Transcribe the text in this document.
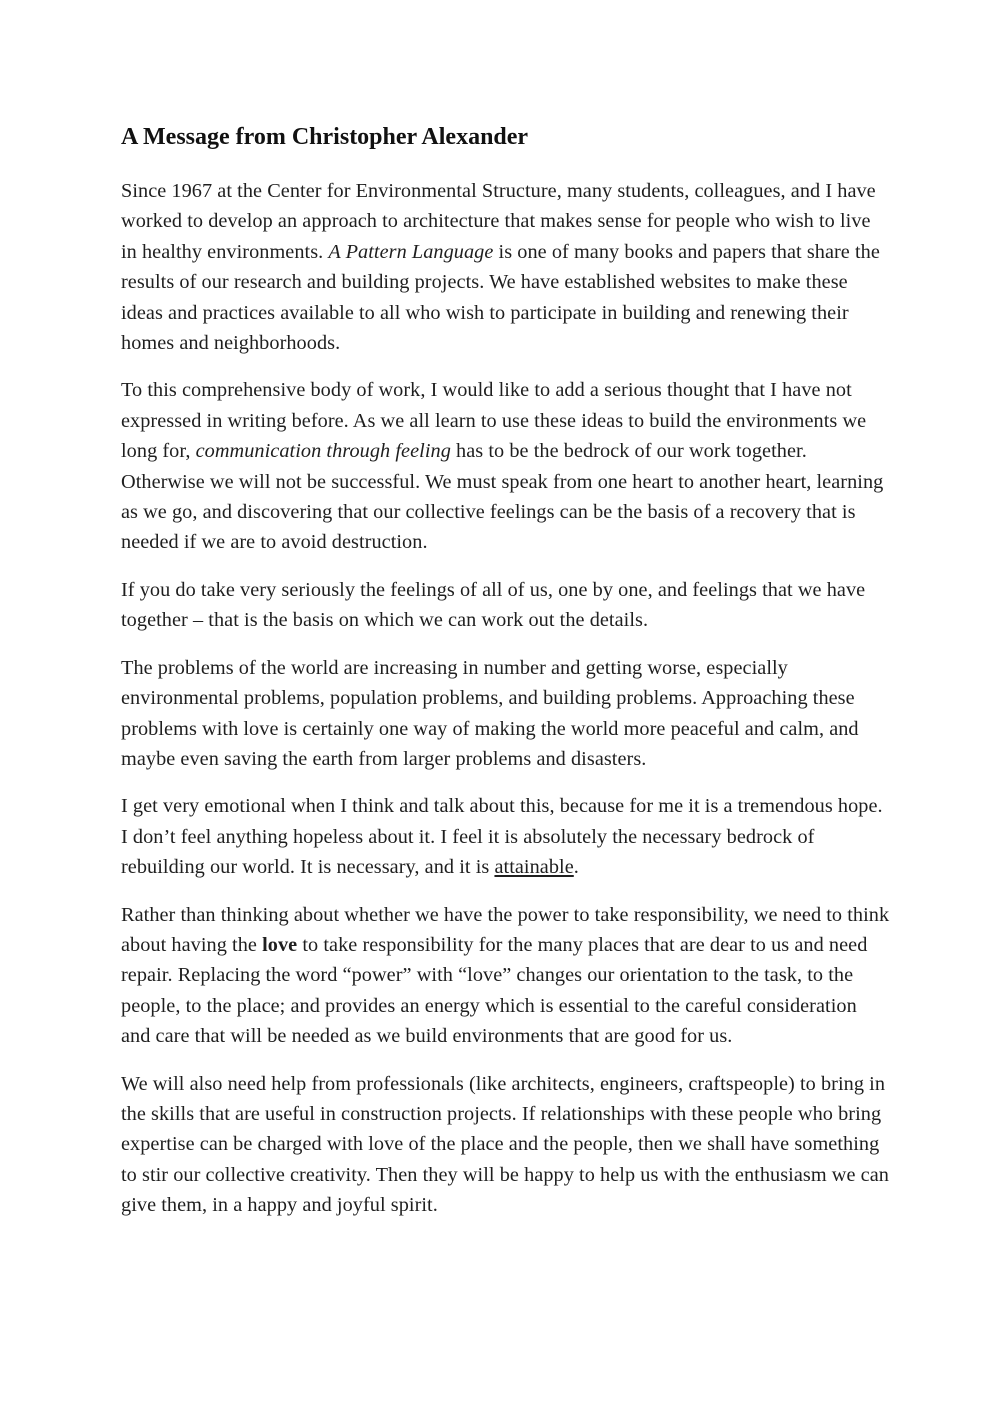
A Message from Christopher Alexander

Since 1967 at the Center for Environmental Structure, many students, colleagues, and I have worked to develop an approach to architecture that makes sense for people who wish to live in healthy environments. A Pattern Language is one of many books and papers that share the results of our research and building projects. We have established websites to make these ideas and practices available to all who wish to participate in building and renewing their homes and neighborhoods.

To this comprehensive body of work, I would like to add a serious thought that I have not expressed in writing before. As we all learn to use these ideas to build the environments we long for, communication through feeling has to be the bedrock of our work together. Otherwise we will not be successful. We must speak from one heart to another heart, learning as we go, and discovering that our collective feelings can be the basis of a recovery that is needed if we are to avoid destruction.

If you do take very seriously the feelings of all of us, one by one, and feelings that we have together – that is the basis on which we can work out the details.

The problems of the world are increasing in number and getting worse, especially environmental problems, population problems, and building problems. Approaching these problems with love is certainly one way of making the world more peaceful and calm, and maybe even saving the earth from larger problems and disasters.

I get very emotional when I think and talk about this, because for me it is a tremendous hope. I don’t feel anything hopeless about it. I feel it is absolutely the necessary bedrock of rebuilding our world. It is necessary, and it is attainable.

Rather than thinking about whether we have the power to take responsibility, we need to think about having the love to take responsibility for the many places that are dear to us and need repair. Replacing the word “power” with “love” changes our orientation to the task, to the people, to the place; and provides an energy which is essential to the careful consideration and care that will be needed as we build environments that are good for us.

We will also need help from professionals (like architects, engineers, craftspeople) to bring in the skills that are useful in construction projects. If relationships with these people who bring expertise can be charged with love of the place and the people, then we shall have something to stir our collective creativity. Then they will be happy to help us with the enthusiasm we can give them, in a happy and joyful spirit.
